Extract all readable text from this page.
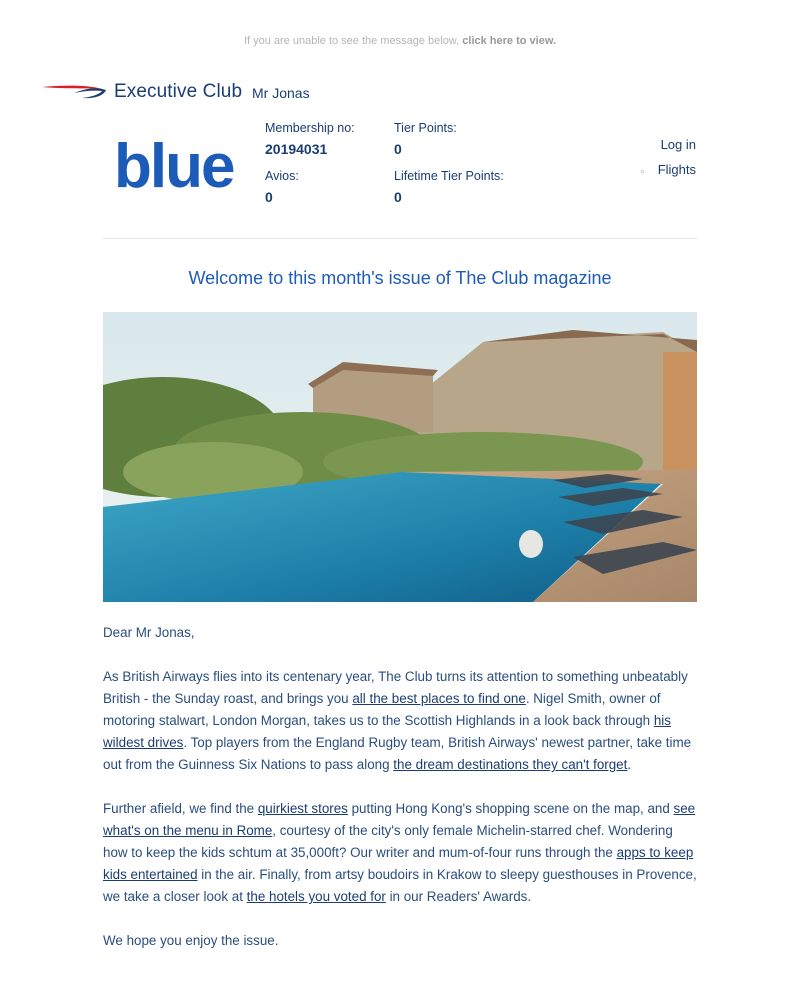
If you are unable to see the message below, click here to view.
Executive Club Mr Jonas
blue
Membership no:
20194031
Avios:
0
Tier Points:
0
Lifetime Tier Points:
0
Log in
▫ Flights
Welcome to this month's issue of The Club magazine

Dear Mr Jonas,

As British Airways flies into its centenary year, The Club turns its attention to something unbeatably British - the Sunday roast, and brings you all the best places to find one. Nigel Smith, owner of motoring stalwart, London Morgan, takes us to the Scottish Highlands in a look back through his wildest drives. Top players from the England Rugby team, British Airways' newest partner, take time out from the Guinness Six Nations to pass along the dream destinations they can't forget.

Further afield, we find the quirkiest stores putting Hong Kong's shopping scene on the map, and see what's on the menu in Rome, courtesy of the city's only female Michelin-starred chef. Wondering how to keep the kids schtum at 35,000ft? Our writer and mum-of-four runs through the apps to keep kids entertained in the air. Finally, from artsy boudoirs in Krakow to sleepy guesthouses in Provence, we take a closer look at the hotels you voted for in our Readers' Awards.

We hope you enjoy the issue.
